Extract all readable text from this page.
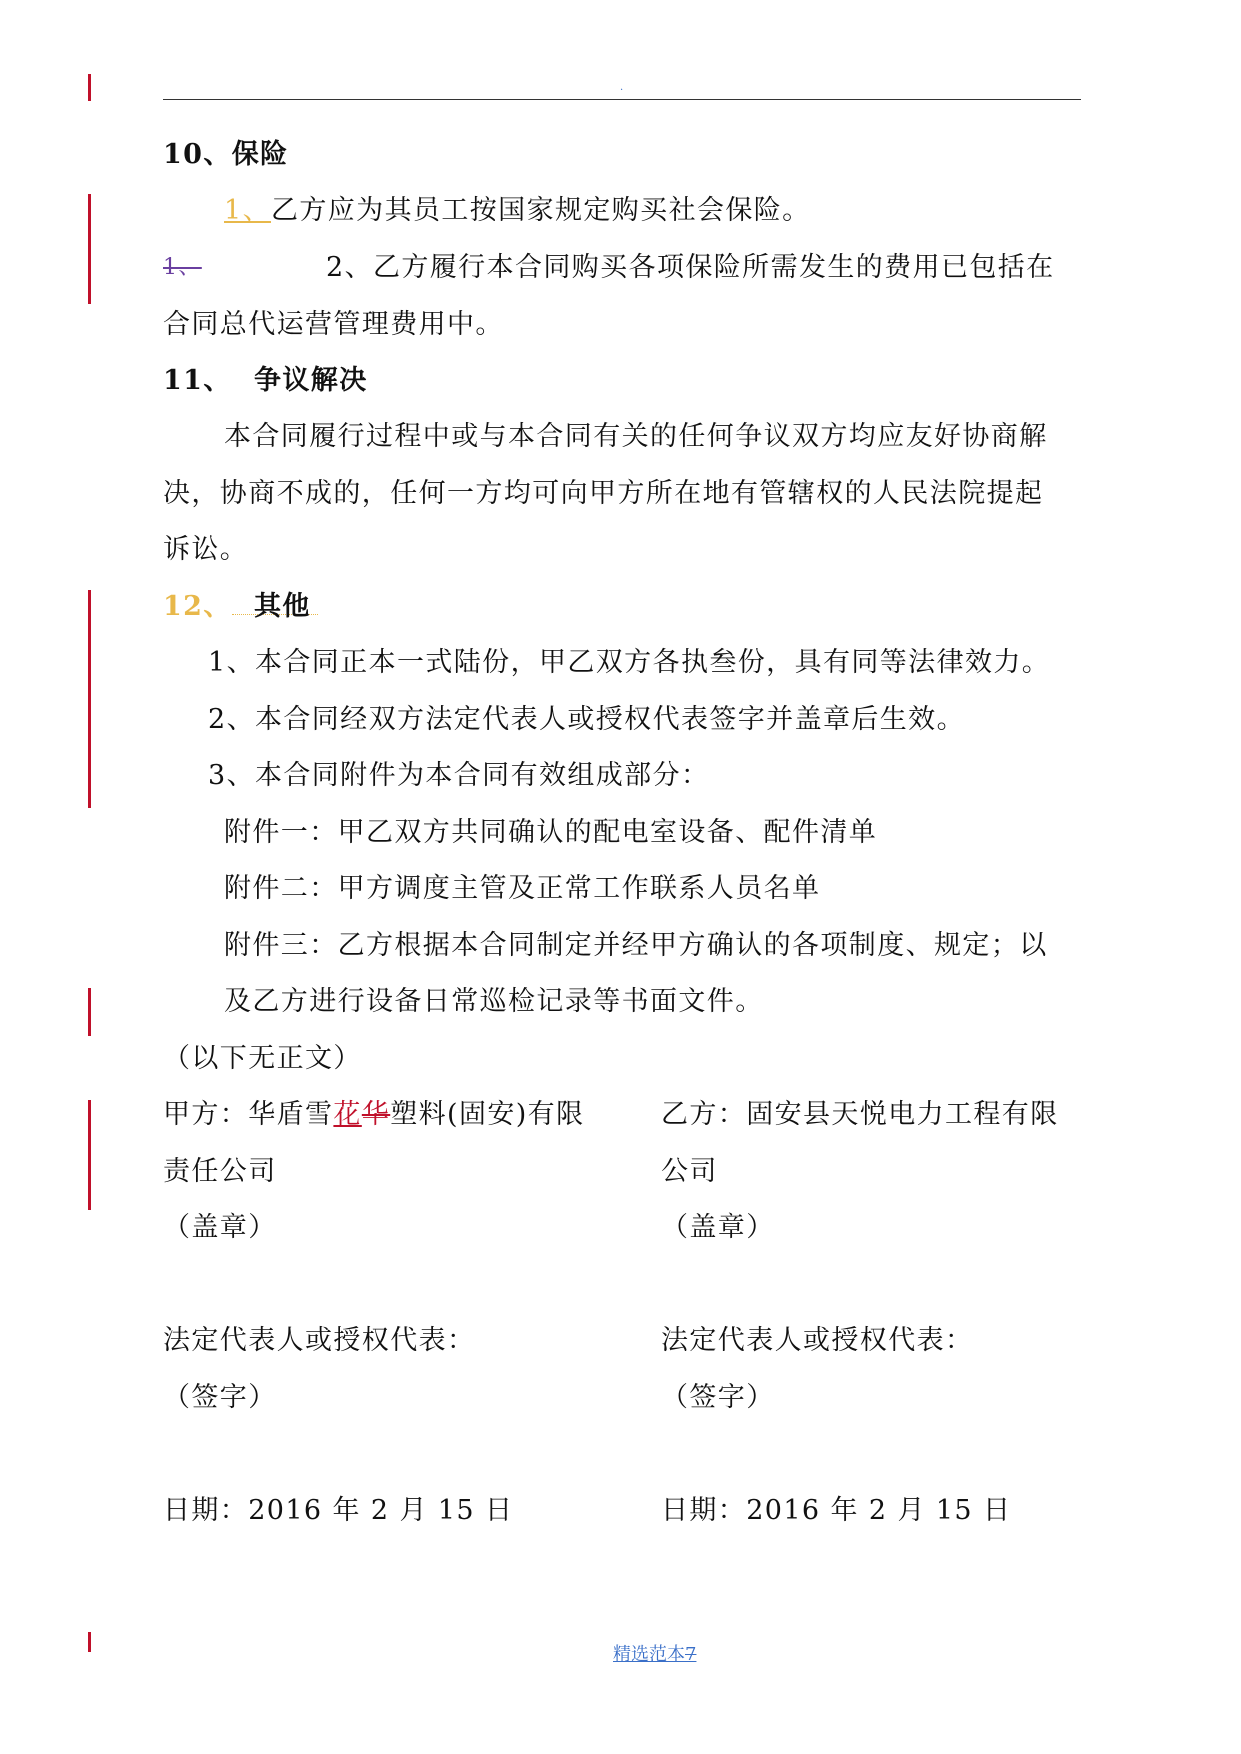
.
10、保险
1、乙方应为其员工按国家规定购买社会保险。
1、	2、乙方履行本合同购买各项保险所需发生的费用已包括在
合同总代运营管理费用中。
11、 争议解决
本合同履行过程中或与本合同有关的任何争议双方均应友好协商解
决，协商不成的，任何一方均可向甲方所在地有管辖权的人民法院提起
诉讼。
12、 其他
1、本合同正本一式陆份，甲乙双方各执叁份，具有同等法律效力。
2、本合同经双方法定代表人或授权代表签字并盖章后生效。
3、本合同附件为本合同有效组成部分：
附件一：甲乙双方共同确认的配电室设备、配件清单
附件二：甲方调度主管及正常工作联系人员名单
附件三：乙方根据本合同制定并经甲方确认的各项制度、规定；以
及乙方进行设备日常巡检记录等书面文件。
（以下无正文）
甲方：华盾雪花华塑料(固安)有限
责任公司
（盖章）
法定代表人或授权代表：
（签字）
日期：2016 年 2 月 15 日
乙方：固安县天悦电力工程有限
公司
（盖章）
法定代表人或授权代表：
（签字）
日期：2016 年 2 月 15 日
精选范本7
